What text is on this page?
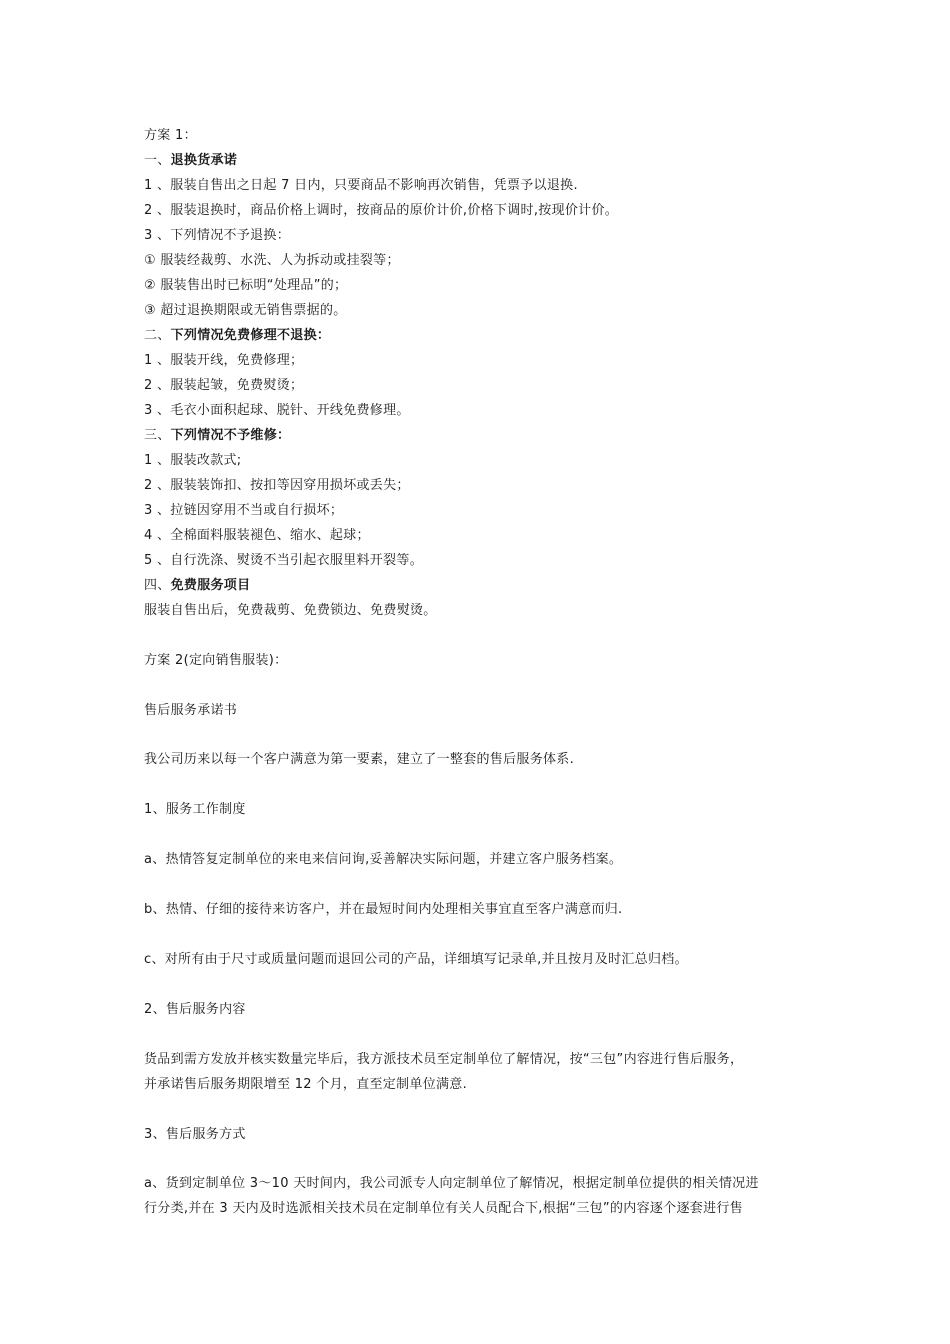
方案 1：
一、退换货承诺
1 、服装自售出之日起 7 日内，只要商品不影响再次销售，凭票予以退换.
2 、服装退换时，商品价格上调时，按商品的原价计价,价格下调时,按现价计价。
3 、下列情况不予退换：
① 服装经裁剪、水洗、人为拆动或挂裂等；
② 服装售出时已标明“处理品”的；
③ 超过退换期限或无销售票据的。
二、下列情况免费修理不退换：
1 、服装开线，免费修理；
2 、服装起皱，免费熨烫；
3 、毛衣小面积起球、脱针、开线免费修理。
三、下列情况不予维修：
1 、服装改款式;
2 、服装装饰扣、按扣等因穿用损坏或丢失；
3 、拉链因穿用不当或自行损坏；
4 、全棉面料服装褪色、缩水、起球；
5 、自行洗涤、熨烫不当引起衣服里料开裂等。
四、免费服务项目
服装自售出后，免费裁剪、免费锁边、免费熨烫。
方案 2(定向销售服装)：
售后服务承诺书
我公司历来以每一个客户满意为第一要素，建立了一整套的售后服务体系.
1、服务工作制度
a、热情答复定制单位的来电来信问询,妥善解决实际问题，并建立客户服务档案。
b、热情、仔细的接待来访客户，并在最短时间内处理相关事宜直至客户满意而归.
c、对所有由于尺寸或质量问题而退回公司的产品，详细填写记录单,并且按月及时汇总归档。
2、售后服务内容
货品到需方发放并核实数量完毕后，我方派技术员至定制单位了解情况，按“三包”内容进行售后服务，
并承诺售后服务期限增至 12 个月，直至定制单位满意.
3、售后服务方式
a、货到定制单位 3～10 天时间内，我公司派专人向定制单位了解情况，根据定制单位提供的相关情况进
行分类,并在 3 天内及时选派相关技术员在定制单位有关人员配合下,根据“三包”的内容逐个逐套进行售
